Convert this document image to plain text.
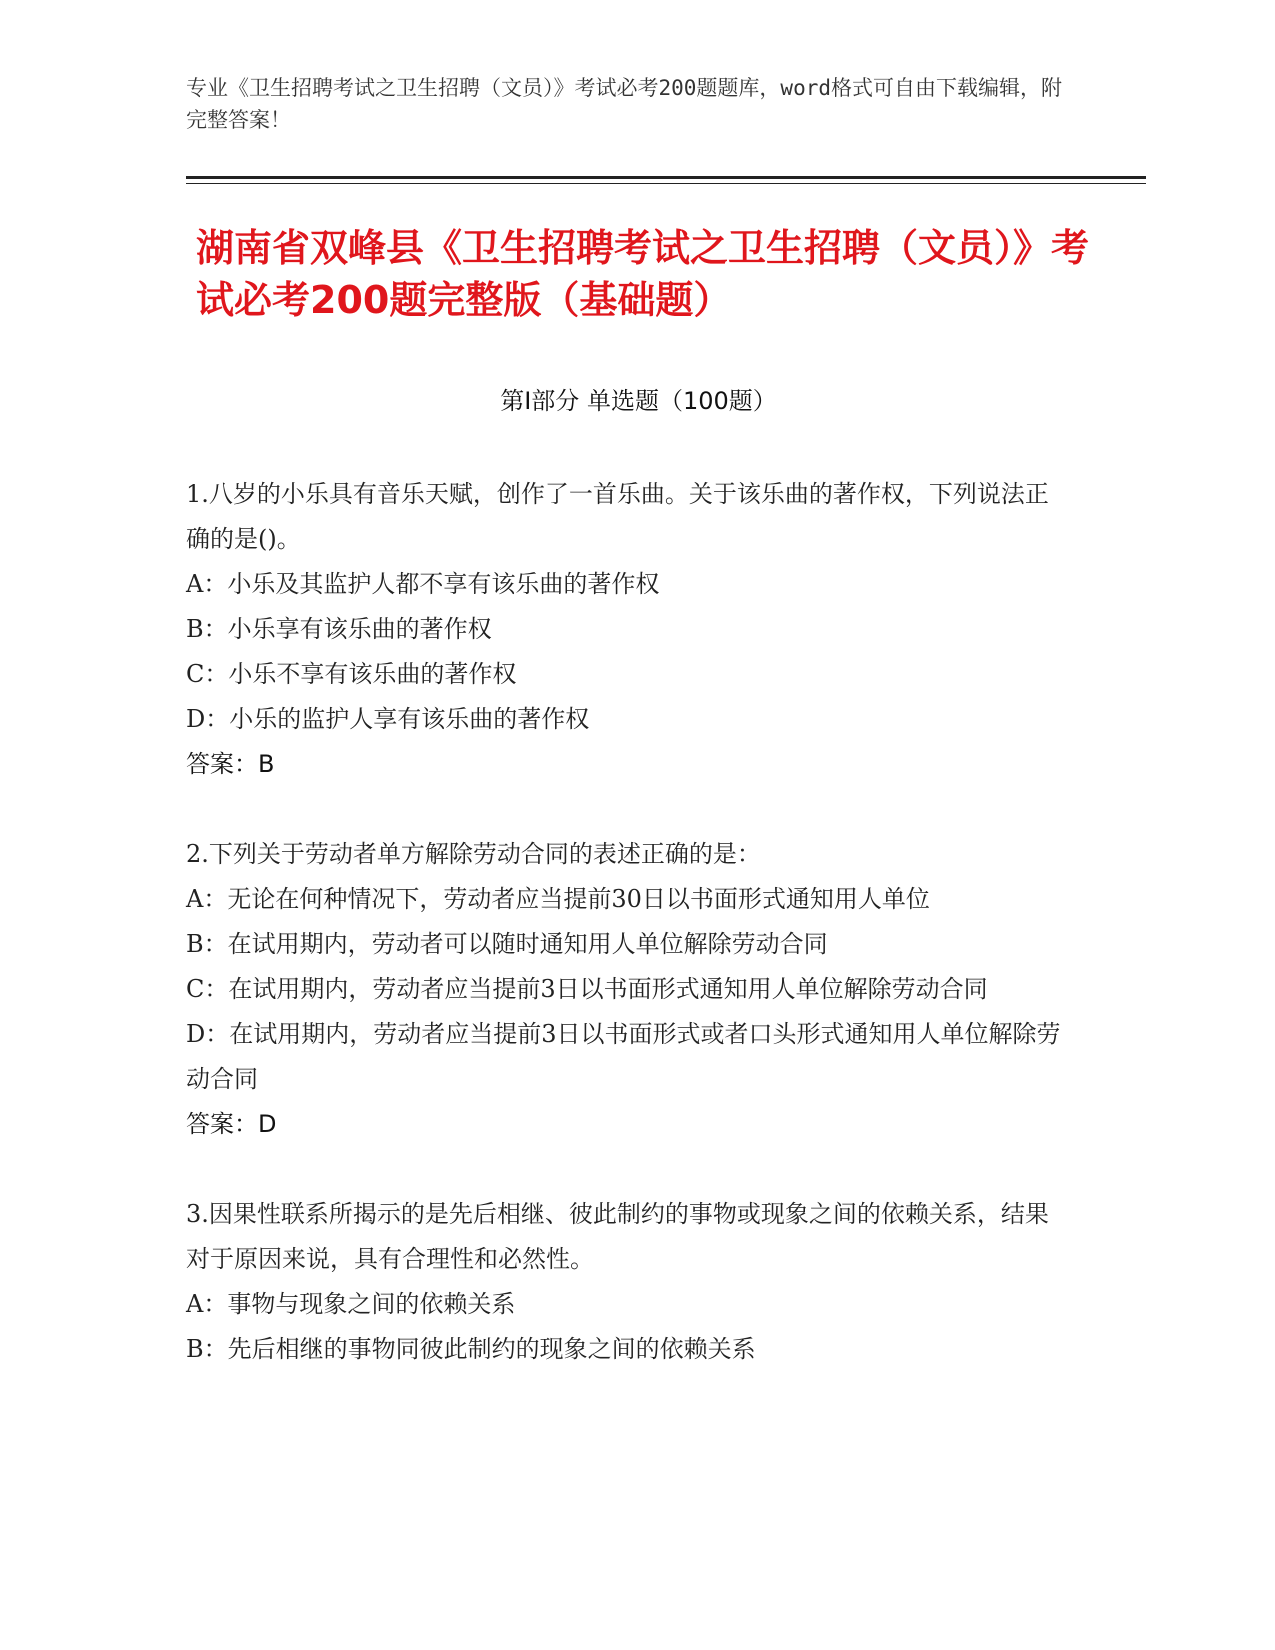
专业《卫生招聘考试之卫生招聘（文员）》考试必考200题题库，word格式可自由下载编辑，附完整答案！
湖南省双峰县《卫生招聘考试之卫生招聘（文员）》考试必考200题完整版（基础题）
第Ⅰ部分 单选题（100题）

1.八岁的小乐具有音乐天赋，创作了一首乐曲。关于该乐曲的著作权，下列说法正确的是()。

A：小乐及其监护人都不享有该乐曲的著作权

B：小乐享有该乐曲的著作权

C：小乐不享有该乐曲的著作权

D：小乐的监护人享有该乐曲的著作权

答案：B

2.下列关于劳动者单方解除劳动合同的表述正确的是：

A：无论在何种情况下，劳动者应当提前30日以书面形式通知用人单位

B：在试用期内，劳动者可以随时通知用人单位解除劳动合同

C：在试用期内，劳动者应当提前3日以书面形式通知用人单位解除劳动合同

D：在试用期内，劳动者应当提前3日以书面形式或者口头形式通知用人单位解除劳动合同

答案：D

3.因果性联系所揭示的是先后相继、彼此制约的事物或现象之间的依赖关系，结果对于原因来说，具有合理性和必然性。

A：事物与现象之间的依赖关系

B：先后相继的事物同彼此制约的现象之间的依赖关系
